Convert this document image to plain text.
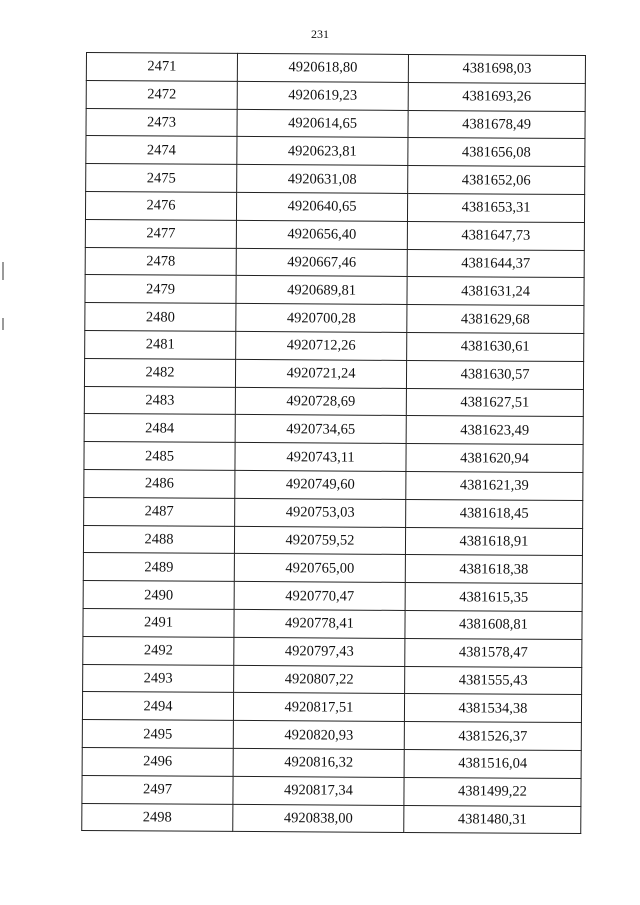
231
2471	4920618,80	4381698,03
2472	4920619,23	4381693,26
2473	4920614,65	4381678,49
2474	4920623,81	4381656,08
2475	4920631,08	4381652,06
2476	4920640,65	4381653,31
2477	4920656,40	4381647,73
2478	4920667,46	4381644,37
2479	4920689,81	4381631,24
2480	4920700,28	4381629,68
2481	4920712,26	4381630,61
2482	4920721,24	4381630,57
2483	4920728,69	4381627,51
2484	4920734,65	4381623,49
2485	4920743,11	4381620,94
2486	4920749,60	4381621,39
2487	4920753,03	4381618,45
2488	4920759,52	4381618,91
2489	4920765,00	4381618,38
2490	4920770,47	4381615,35
2491	4920778,41	4381608,81
2492	4920797,43	4381578,47
2493	4920807,22	4381555,43
2494	4920817,51	4381534,38
2495	4920820,93	4381526,37
2496	4920816,32	4381516,04
2497	4920817,34	4381499,22
2498	4920838,00	4381480,31
